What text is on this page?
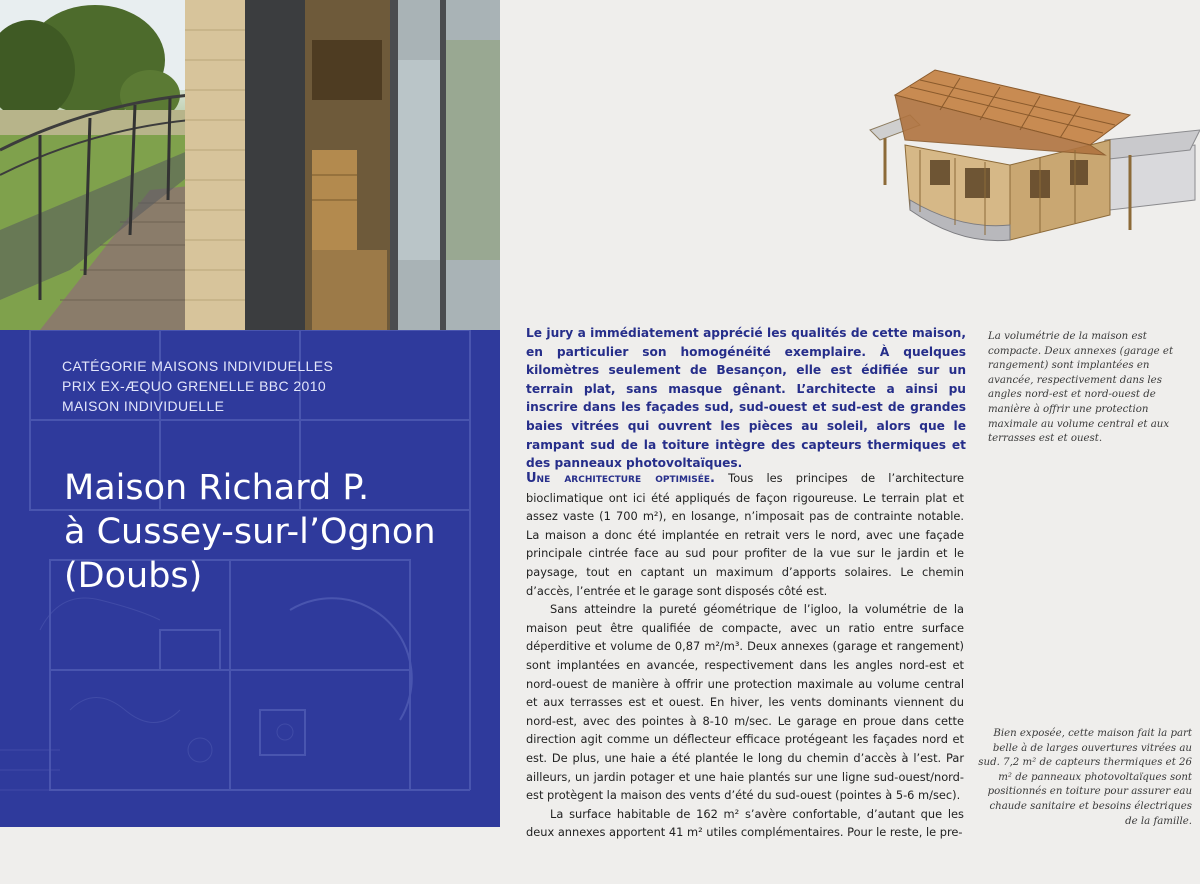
CATÉGORIE MAISONS INDIVIDUELLES

PRIX EX-ÆQUO GRENELLE BBC 2010

MAISON INDIVIDUELLE

Maison Richard P.
à Cussey-sur-l’Ognon
(Doubs)

Le jury a immédiatement apprécié les qualités de cette maison, en particulier son homogénéité exemplaire. À quelques kilomètres seulement de Besançon, elle est édifiée sur un terrain plat, sans masque gênant. L’architecte a ainsi pu inscrire dans les façades sud, sud-ouest et sud-est de grandes baies vitrées qui ouvrent les pièces au soleil, alors que le rampant sud de la toiture intègre des capteurs thermiques et des panneaux photovoltaïques.

Une architecture optimisée. Tous les principes de l’architecture bioclimatique ont ici été appliqués de façon rigoureuse. Le terrain plat et assez vaste (1 700 m²), en losange, n’imposait pas de contrainte notable. La maison a donc été implantée en retrait vers le nord, avec une façade principale cintrée face au sud pour profiter de la vue sur le jardin et le paysage, tout en captant un maximum d’apports solaires. Le chemin d’accès, l’entrée et le garage sont disposés côté est.

Sans atteindre la pureté géométrique de l’igloo, la volumétrie de la maison peut être qualifiée de compacte, avec un ratio entre surface déperditive et volume de 0,87 m²/m³. Deux annexes (garage et rangement) sont implantées en avancée, respectivement dans les angles nord-est et nord-ouest de manière à offrir une protection maximale au volume central et aux terrasses est et ouest. En hiver, les vents dominants viennent du nord-est, avec des pointes à 8-10 m/sec. Le garage en proue dans cette direction agit comme un déflecteur efficace protégeant les façades nord et est. De plus, une haie a été plantée le long du chemin d’accès à l’est. Par ailleurs, un jardin potager et une haie plantés sur une ligne sud-ouest/nord-est protègent la maison des vents d’été du sud-ouest (pointes à 5-6 m/sec).

La surface habitable de 162 m² s’avère confortable, d’autant que les deux annexes apportent 41 m² utiles complémentaires. Pour le reste, le pre-

La volumétrie de la maison est compacte. Deux annexes (garage et rangement) sont implantées en avancée, respectivement dans les angles nord-est et nord-ouest de manière à offrir une protection maximale au volume central et aux terrasses est et ouest.

Bien exposée, cette maison fait la part belle à de larges ouvertures vitrées au sud. 7,2 m² de capteurs thermiques et 26 m² de panneaux photovoltaïques sont positionnés en toiture pour assurer eau chaude sanitaire et besoins électriques de la famille.
